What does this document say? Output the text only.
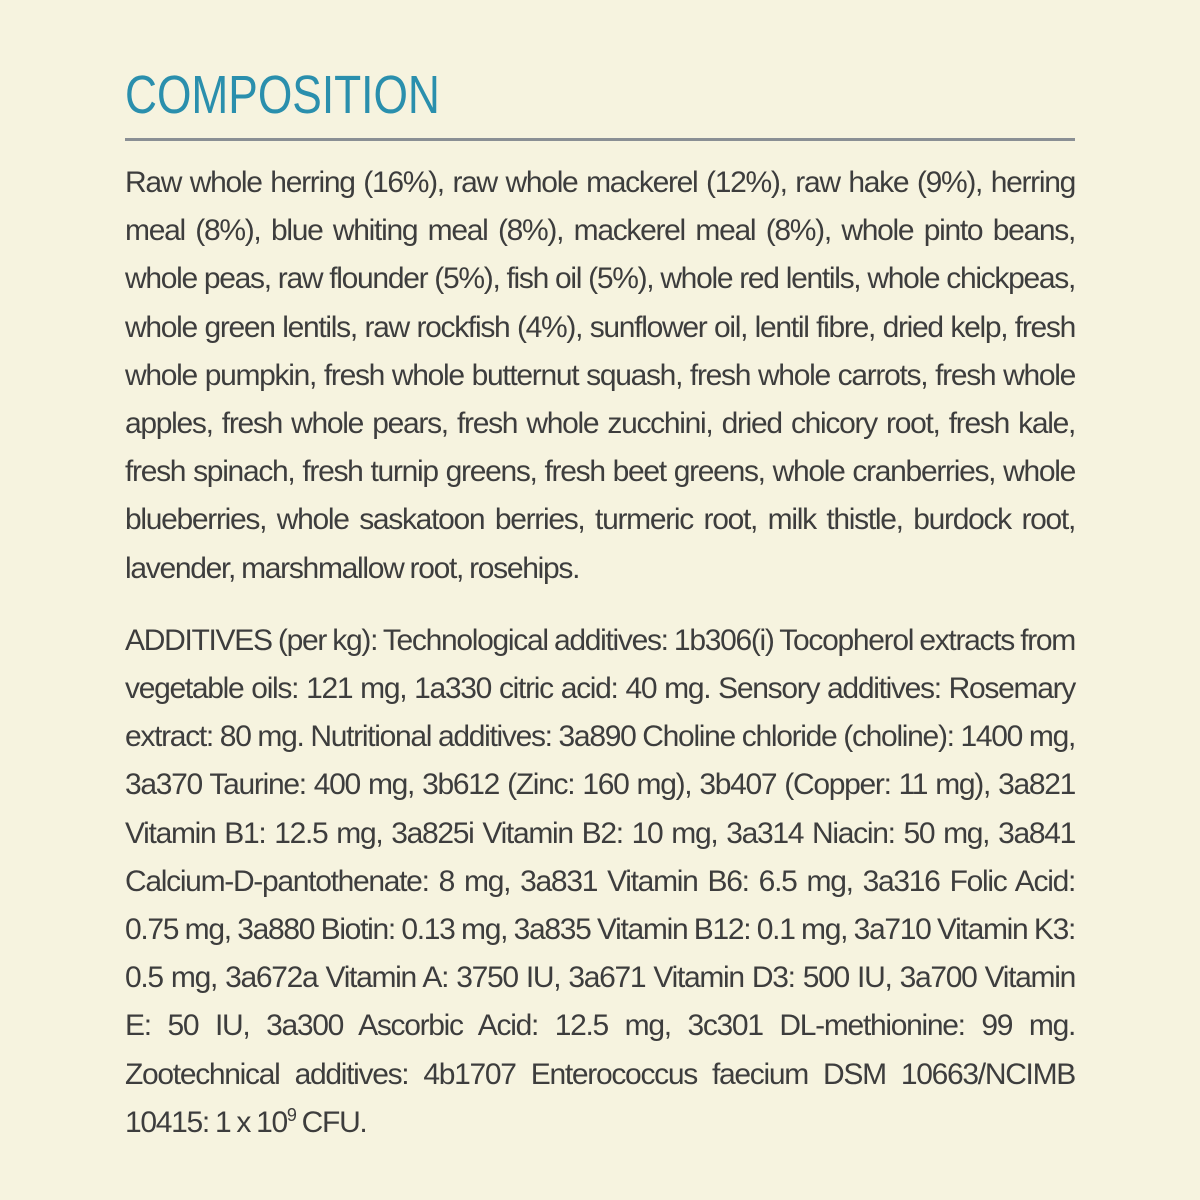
COMPOSITION

Raw whole herring (16%), raw whole mackerel (12%), raw hake (9%), herring meal (8%), blue whiting meal (8%), mackerel meal (8%), whole pinto beans, whole peas, raw flounder (5%), fish oil (5%), whole red lentils, whole chickpeas, whole green lentils, raw rockfish (4%), sunflower oil, lentil fibre, dried kelp, fresh whole pumpkin, fresh whole butternut squash, fresh whole carrots, fresh whole apples, fresh whole pears, fresh whole zucchini, dried chicory root, fresh kale, fresh spinach, fresh turnip greens, fresh beet greens, whole cranberries, whole blueberries, whole saskatoon berries, turmeric root, milk thistle, burdock root, lavender, marshmallow root, rosehips.

ADDITIVES (per kg): Technological additives: 1b306(i) Tocopherol extracts from vegetable oils: 121 mg, 1a330 citric acid: 40 mg. Sensory additives: Rosemary extract: 80 mg. Nutritional additives: 3a890 Choline chloride (choline): 1400 mg, 3a370 Taurine: 400 mg, 3b612 (Zinc: 160 mg), 3b407 (Copper: 11 mg), 3a821 Vitamin B1: 12.5 mg, 3a825i Vitamin B2: 10 mg, 3a314 Niacin: 50 mg, 3a841 Calcium-D-pantothenate: 8 mg, 3a831 Vitamin B6: 6.5 mg, 3a316 Folic Acid: 0.75 mg, 3a880 Biotin: 0.13 mg, 3a835 Vitamin B12: 0.1 mg, 3a710 Vitamin K3: 0.5 mg, 3a672a Vitamin A: 3750 IU, 3a671 Vitamin D3: 500 IU, 3a700 Vitamin E: 50 IU, 3a300 Ascorbic Acid: 12.5 mg, 3c301 DL-methionine: 99 mg. Zootechnical additives: 4b1707 Enterococcus faecium DSM 10663/NCIMB 10415: 1 x $10^9$ CFU.
